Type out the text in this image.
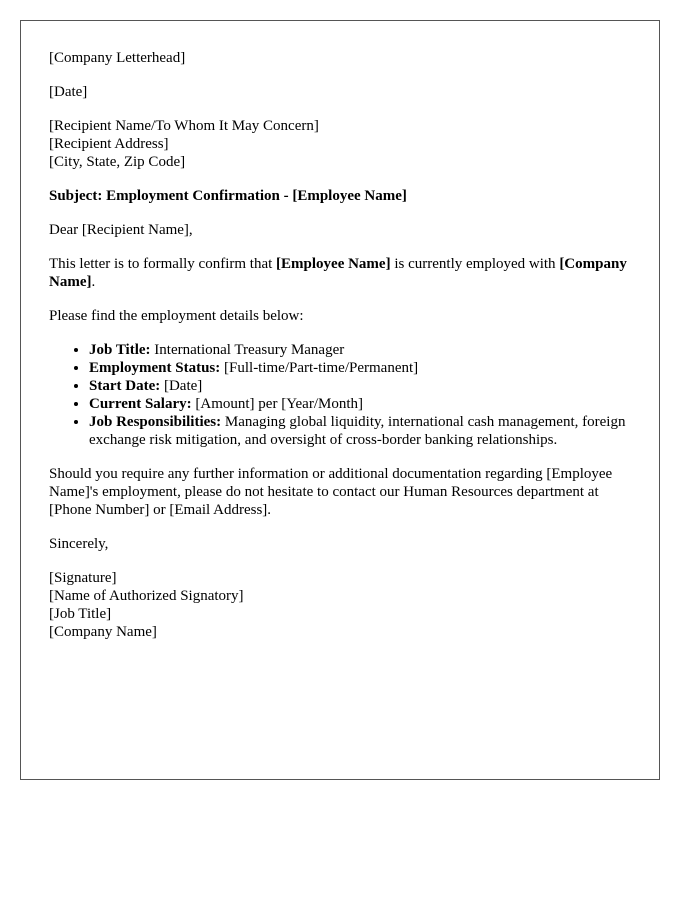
[Company Letterhead]
[Date]
[Recipient Name/To Whom It May Concern]
[Recipient Address]
[City, State, Zip Code]
Subject: Employment Confirmation - [Employee Name]
Dear [Recipient Name],
This letter is to formally confirm that [Employee Name] is currently employed with [Company Name].
Please find the employment details below:
• Job Title: International Treasury Manager
• Employment Status: [Full-time/Part-time/Permanent]
• Start Date: [Date]
• Current Salary: [Amount] per [Year/Month]
• Job Responsibilities: Managing global liquidity, international cash management, foreign exchange risk mitigation, and oversight of cross-border banking relationships.
Should you require any further information or additional documentation regarding [Employee Name]'s employment, please do not hesitate to contact our Human Resources department at [Phone Number] or [Email Address].
Sincerely,
[Signature]
[Name of Authorized Signatory]
[Job Title]
[Company Name]
